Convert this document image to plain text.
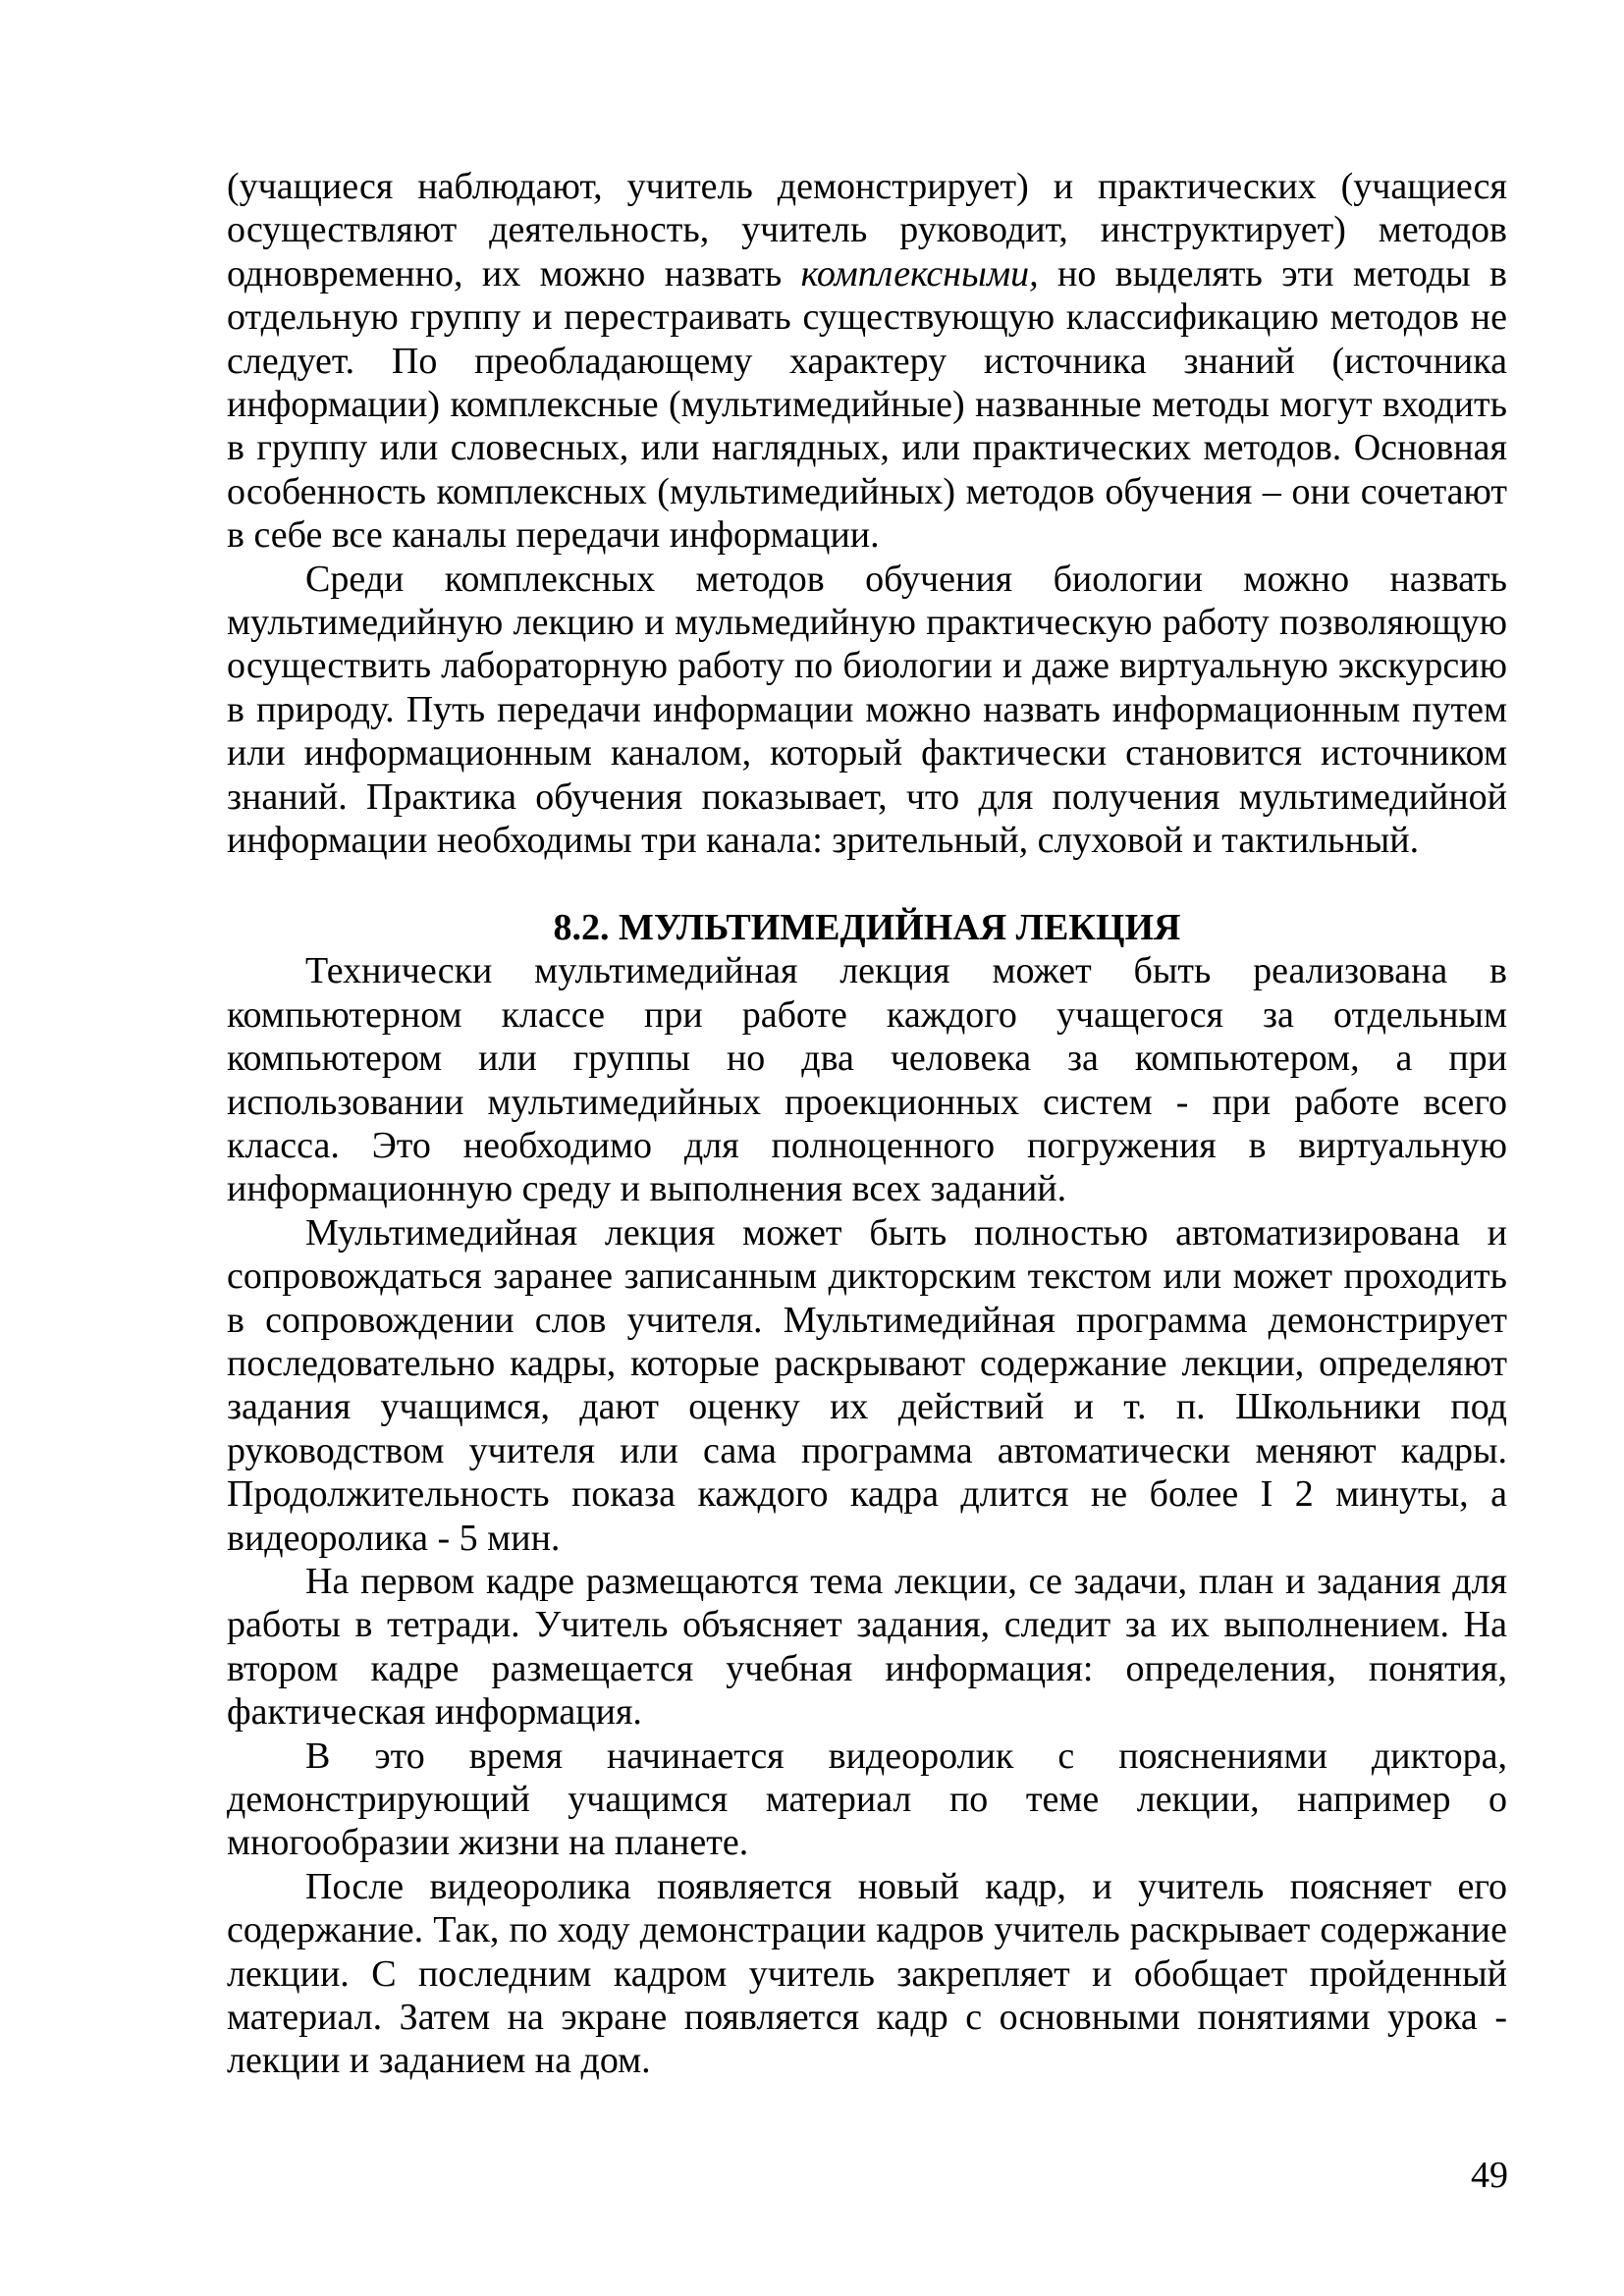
(учащиеся наблюдают, учитель демонстрирует) и практических (учащиеся осуществляют деятельность, учитель руководит, инструктирует) методов одновременно, их можно назвать комплексными, но выделять эти методы в отдельную группу и перестраивать существующую классификацию методов не следует. По преобладающему характеру источника знаний (источника информации) комплексные (мультимедийные) названные методы могут входить в группу или словесных, или наглядных, или практических методов. Основная особенность комплексных (мультимедийных) методов обучения – они сочетают в себе все каналы передачи информации.

Среди комплексных методов обучения биологии можно назвать мультимедийную лекцию и мульмедийную практическую работу позволяющую осуществить лабораторную работу по биологии и даже виртуальную экскурсию в природу. Путь передачи информации можно назвать информационным путем или информационным каналом, который фактически становится источником знаний. Практика обучения показывает, что для получения мультимедийной информации необходимы три канала: зрительный, слуховой и тактильный.

8.2. МУЛЬТИМЕДИЙНАЯ ЛЕКЦИЯ

Технически мультимедийная лекция может быть реализована в компьютерном классе при работе каждого учащегося за отдельным компьютером или группы но два человека за компьютером, а при использовании мультимедийных проекционных систем - при работе всего класса. Это необходимо для полноценного погружения в виртуальную информационную среду и выполнения всех заданий.

Мультимедийная лекция может быть полностью автоматизирована и сопровождаться заранее записанным дикторским текстом или может проходить в сопровождении слов учителя. Мультимедийная программа демонстрирует последовательно кадры, которые раскрывают содержание лекции, определяют задания учащимся, дают оценку их действий и т. п. Школьники под руководством учителя или сама программа автоматически меняют кадры. Продолжительность показа каждого кадра длится не более I 2 минуты, а видеоролика - 5 мин.

На первом кадре размещаются тема лекции, се задачи, план и задания для работы в тетради. Учитель объясняет задания, следит за их выполнением. На втором кадре размещается учебная информация: определения, понятия, фактическая информация.

В это время начинается видеоролик с пояснениями диктора, демонстрирующий учащимся материал по теме лекции, например о многообразии жизни на планете.

После видеоролика появляется новый кадр, и учитель поясняет его содержание. Так, по ходу демонстрации кадров учитель раскрывает содержание лекции. С последним кадром учитель закрепляет и обобщает пройденный материал. Затем на экране появляется кадр с основными понятиями урока - лекции и заданием на дом.

49
